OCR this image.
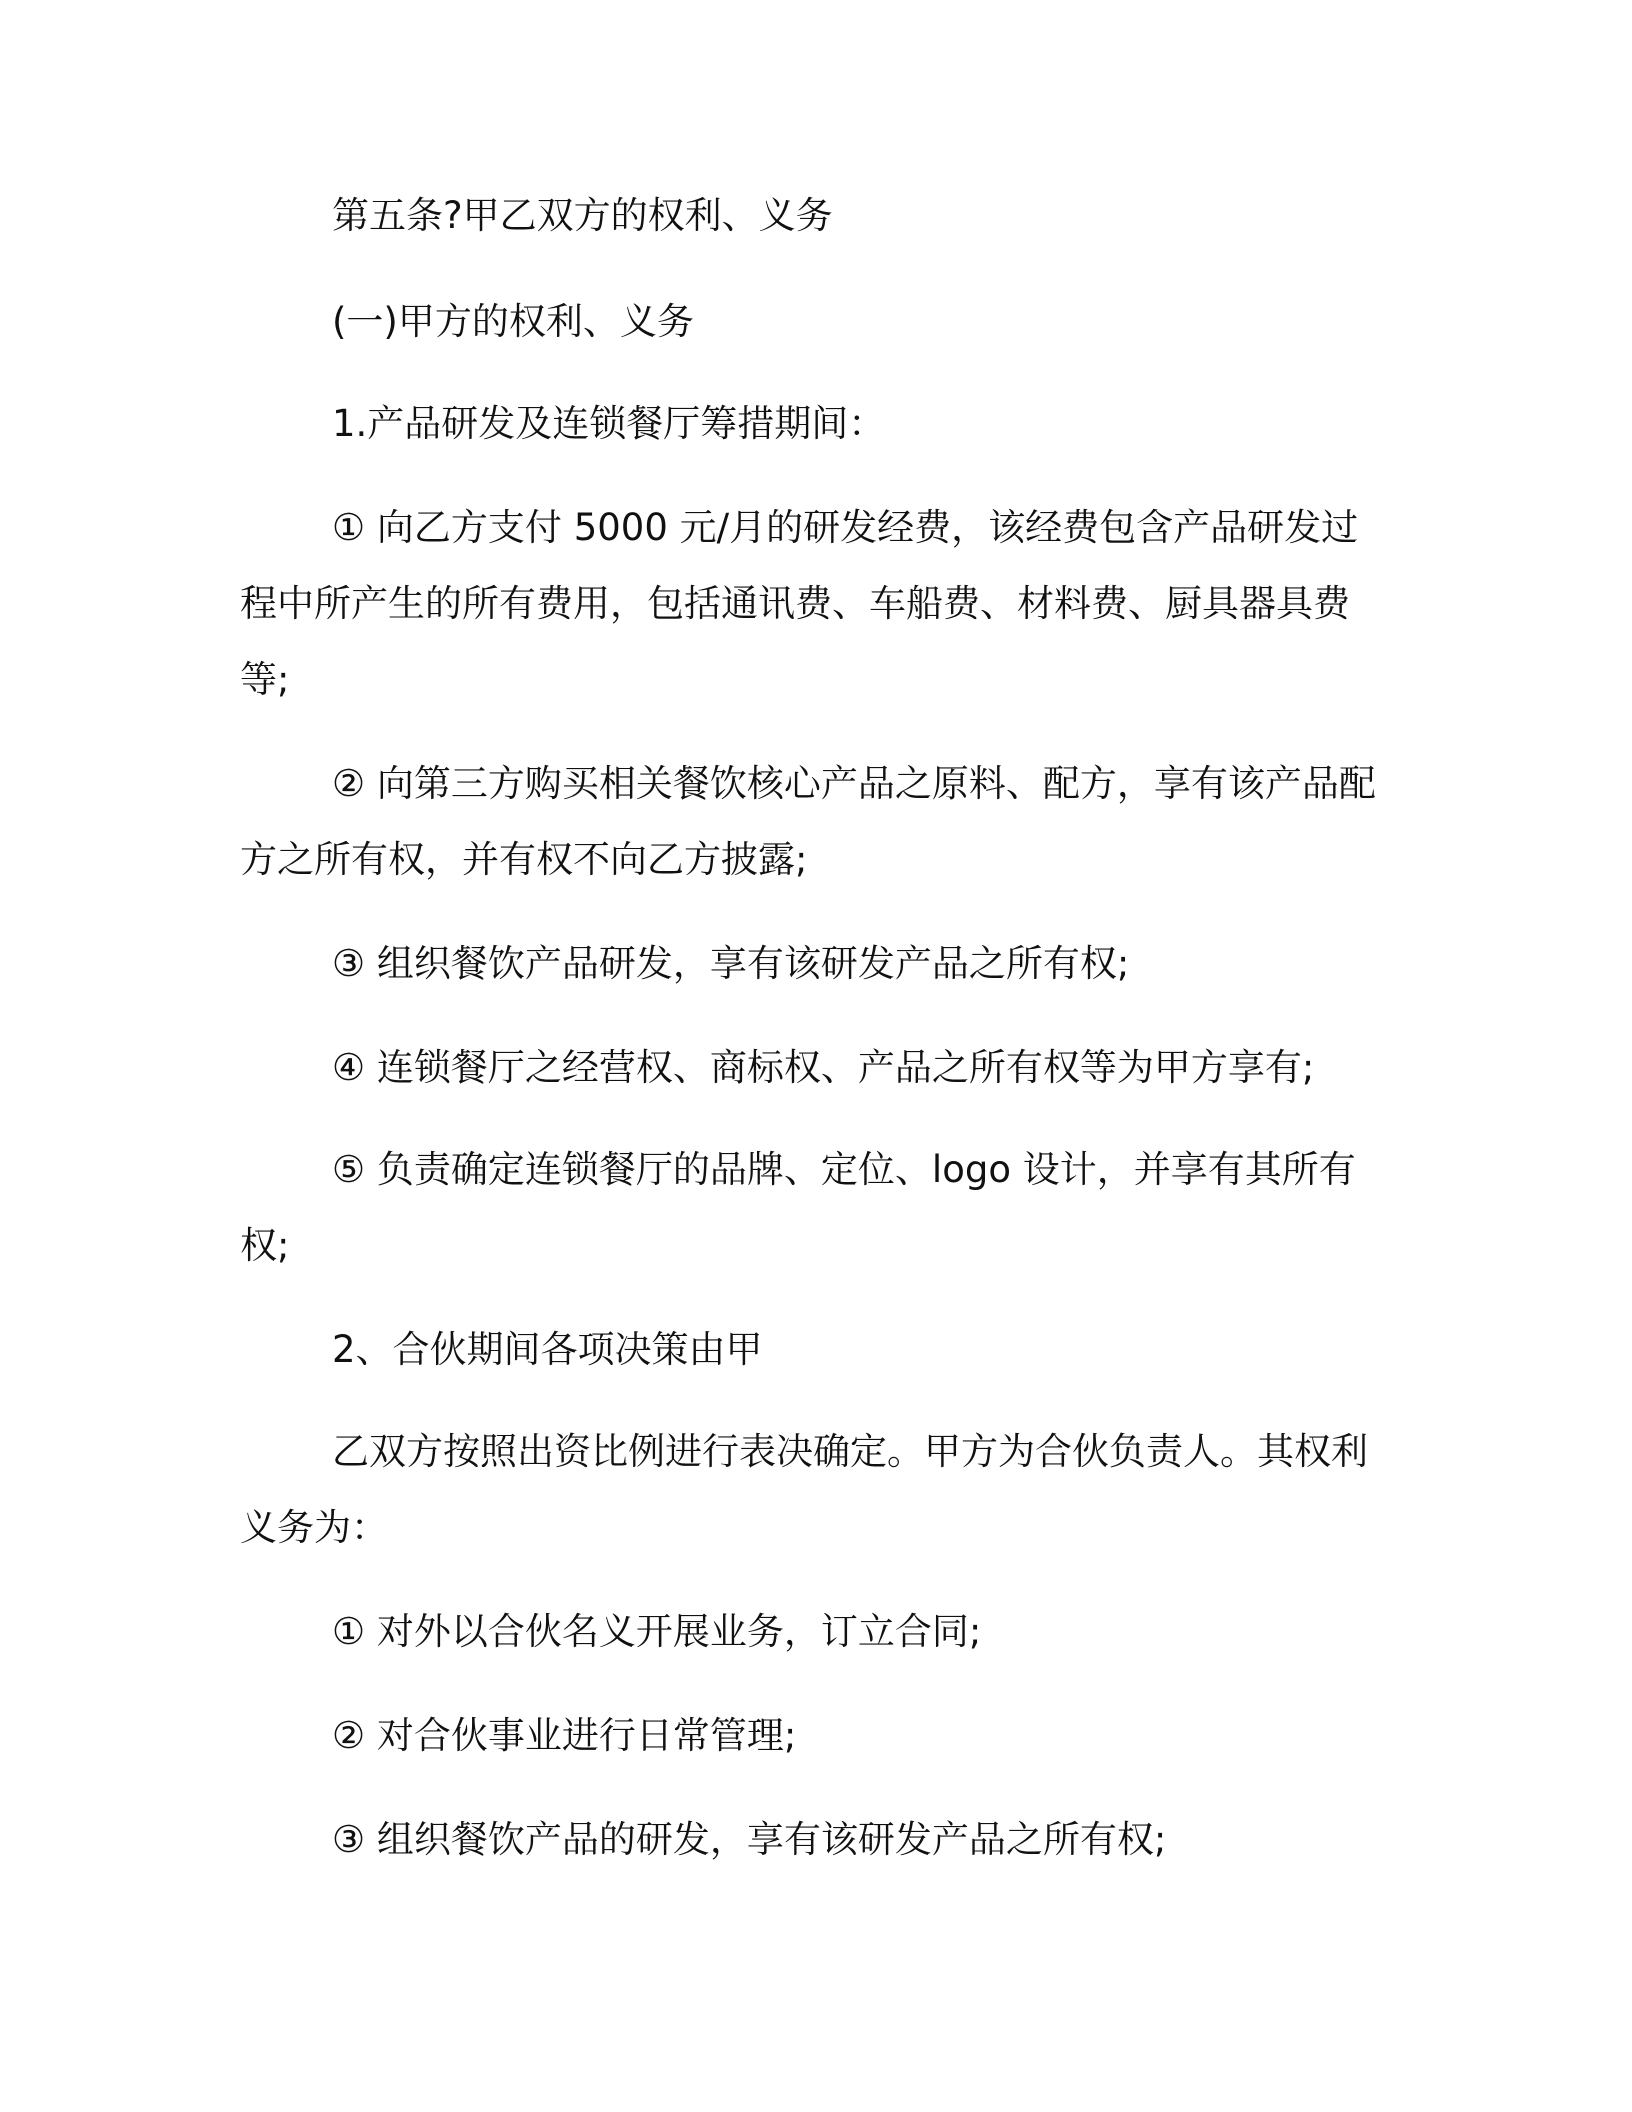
第五条?甲乙双方的权利、义务

(一)甲方的权利、义务

1.产品研发及连锁餐厅筹措期间：

① 向乙方支付 5000 元/月的研发经费，该经费包含产品研发过

程中所产生的所有费用，包括通讯费、车船费、材料费、厨具器具费

等;

② 向第三方购买相关餐饮核心产品之原料、配方，享有该产品配

方之所有权，并有权不向乙方披露;

③ 组织餐饮产品研发，享有该研发产品之所有权;

④ 连锁餐厅之经营权、商标权、产品之所有权等为甲方享有;

⑤ 负责确定连锁餐厅的品牌、定位、logo 设计，并享有其所有

权;

2、合伙期间各项决策由甲

乙双方按照出资比例进行表决确定。甲方为合伙负责人。其权利

义务为：

① 对外以合伙名义开展业务，订立合同;

② 对合伙事业进行日常管理;

③ 组织餐饮产品的研发，享有该研发产品之所有权;
